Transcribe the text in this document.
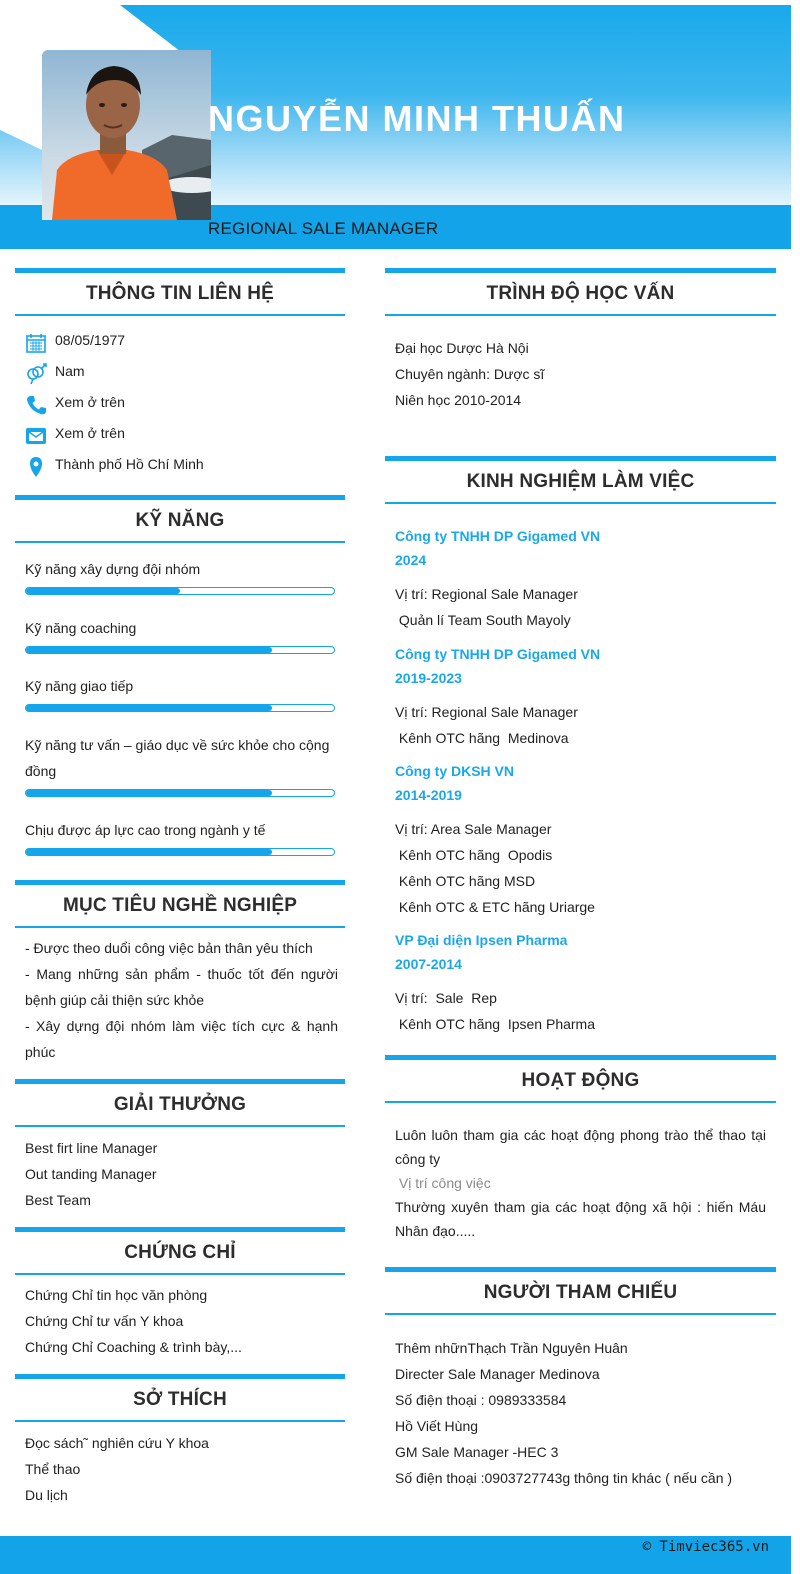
NGUYỄN MINH THUẤN
REGIONAL SALE MANAGER
THÔNG TIN LIÊN HỆ
08/05/1977
Nam
Xem ở trên
Xem ở trên
Thành phố Hồ Chí Minh
KỸ NĂNG
Kỹ năng xây dựng đội nhóm
Kỹ năng coaching
Kỹ năng giao tiếp
Kỹ năng tư vấn – giáo dục về sức khỏe cho cộng đồng
Chịu được áp lực cao trong ngành y tế
MỤC TIÊU NGHỀ NGHIỆP
- Được theo duổi công việc bản thân yêu thích
- Mang những sản phẩm - thuốc tốt đến người bệnh giúp cải thiện sức khỏe
- Xây dựng đội nhóm làm việc tích cực & hạnh phúc
GIẢI THƯỞNG
Best firt line Manager
Out tanding Manager
Best Team
CHỨNG CHỈ
Chứng Chỉ tin học văn phòng
Chứng Chỉ tư vấn Y khoa
Chứng Chỉ Coaching & trình bày,...
SỞ THÍCH
Đọc sách˜ nghiên cứu Y khoa
Thể thao
Du lịch
TRÌNH ĐỘ HỌC VẤN
Đại học Dược Hà Nội
Chuyên ngành: Dược sĩ
Niên học 2010-2014
KINH NGHIỆM LÀM VIỆC
Công ty TNHH DP Gigamed VN
2024
Vị trí: Regional Sale Manager
Quản lí Team South Mayoly
Công ty TNHH DP Gigamed VN
2019-2023
Vị trí: Regional Sale Manager
Kênh OTC hãng  Medinova
Công ty DKSH VN
2014-2019
Vị trí: Area Sale Manager
Kênh OTC hãng  Opodis
Kênh OTC hãng MSD
Kênh OTC & ETC hãng Uriarge
VP Đại diện Ipsen Pharma
2007-2014
Vị trí:  Sale  Rep
Kênh OTC hãng  Ipsen Pharma
HOẠT ĐỘNG
Luôn luôn tham gia các hoạt động phong trào thể thao tại công ty
Vị trí công việc
Thường xuyên tham gia các hoạt động xã hội : hiến Máu Nhân đạo.....
NGƯỜI THAM CHIẾU
Thêm nhữnThạch Trần Nguyên Huân
Directer Sale Manager Medinova
Số điện thoại : 0989333584
Hồ Viết Hùng
GM Sale Manager -HEC 3
Số điện thoại :0903727743g thông tin khác ( nếu cần )
© Timviec365.vn
